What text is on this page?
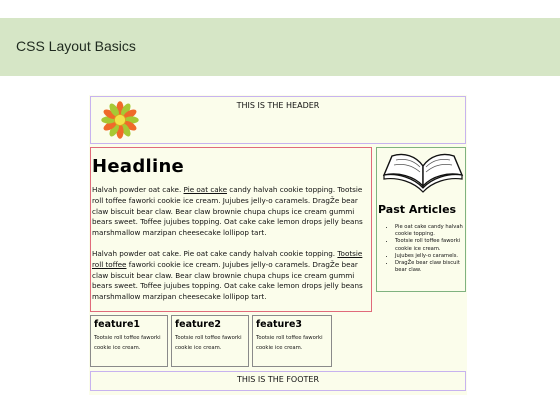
CSS Layout Basics
THIS IS THE HEADER
Headline
Halvah powder oat cake. Pie oat cake candy halvah cookie topping. Tootsie roll toffee faworki cookie ice cream. Jujubes jelly-o caramels. DragŽe bear claw biscuit bear claw. Bear claw brownie chupa chups ice cream gummi bears sweet. Toffee jujubes topping. Oat cake cake lemon drops jelly beans marshmallow marzipan cheesecake lollipop tart.
Halvah powder oat cake. Pie oat cake candy halvah cookie topping. Tootsie roll toffee faworki cookie ice cream. Jujubes jelly-o caramels. DragŽe bear claw biscuit bear claw. Bear claw brownie chupa chups ice cream gummi bears sweet. Toffee jujubes topping. Oat cake cake lemon drops jelly beans marshmallow marzipan cheesecake lollipop tart.
Past Articles
• Pie oat cake candy halvah cookie topping.
• Tootsie roll toffee faworki cookie ice cream.
• Jujubes jelly-o caramels.
• DragŽe bear claw biscuit bear claw.
feature1
Tootsie roll toffee faworki cookie ice cream.
feature2
Tootsie roll toffee faworki cookie ice cream.
feature3
Tootsie roll toffee faworki cookie ice cream.
THIS IS THE FOOTER
